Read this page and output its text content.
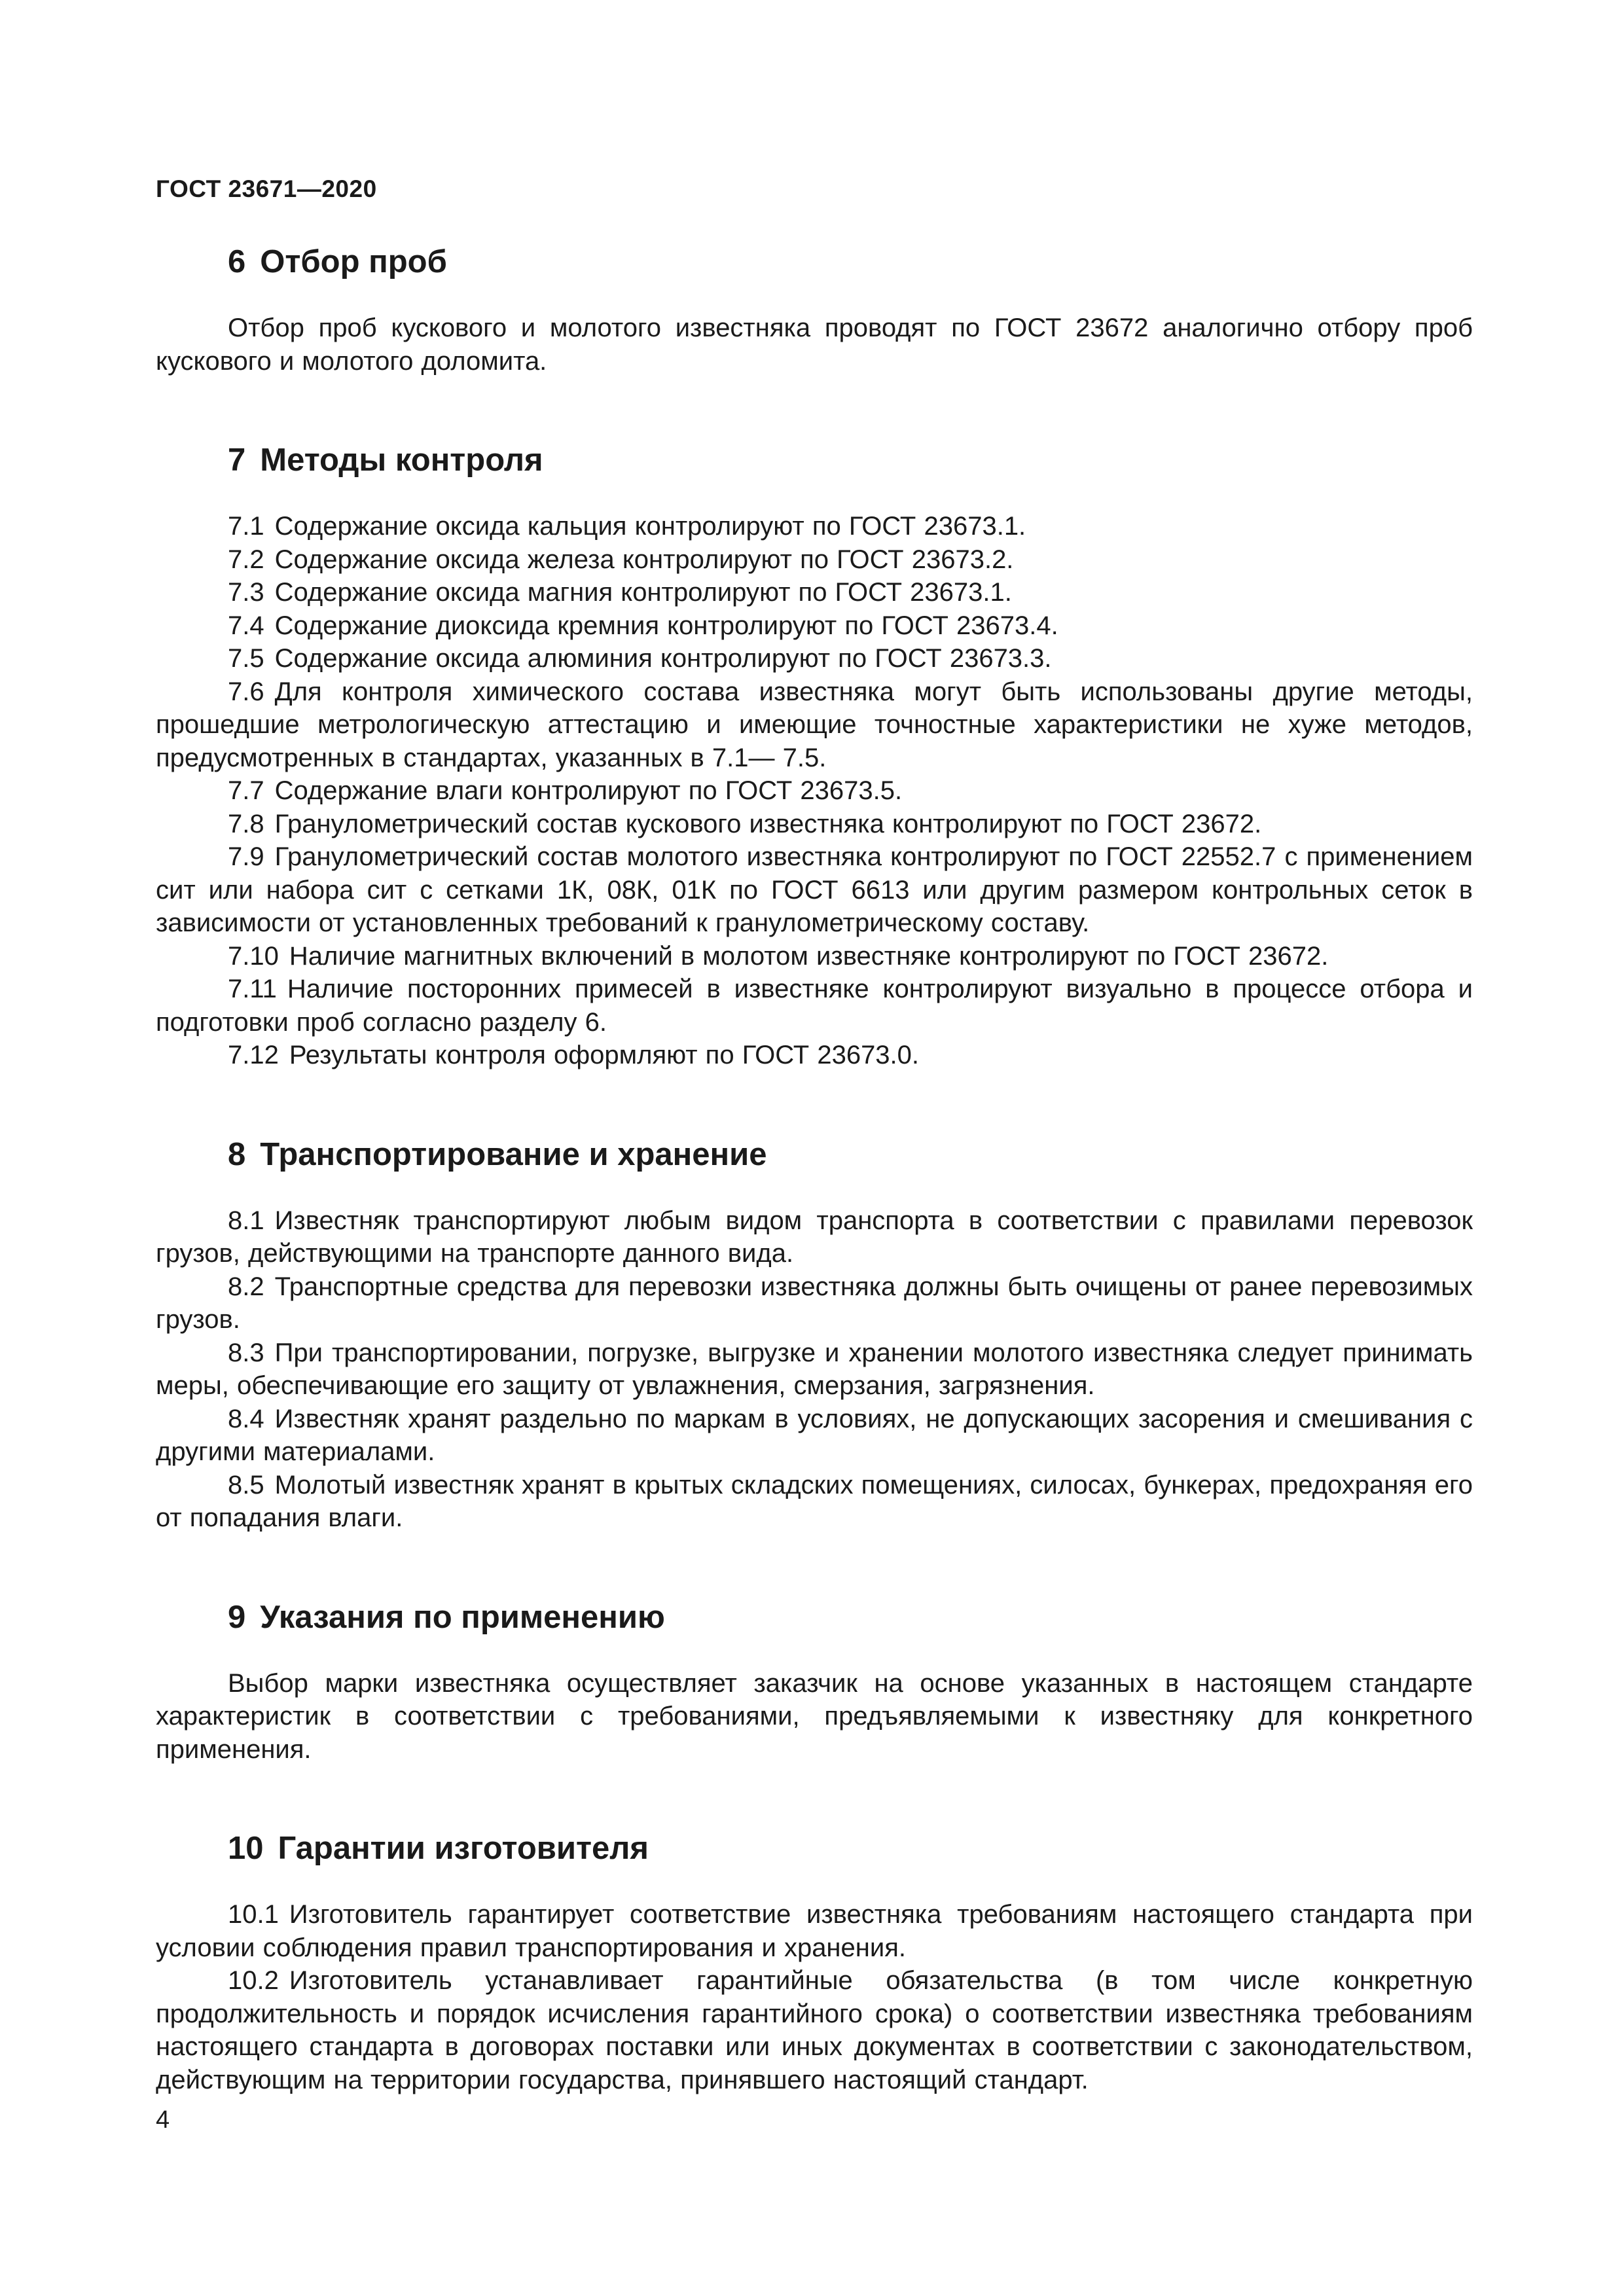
ГОСТ 23671—2020
6 Отбор проб

Отбор проб кускового и молотого известняка проводят по ГОСТ 23672 аналогично отбору проб кускового и молотого доломита.

7 Методы контроля

7.1 Содержание оксида кальция контролируют по ГОСТ 23673.1.

7.2 Содержание оксида железа контролируют по ГОСТ 23673.2.

7.3 Содержание оксида магния контролируют по ГОСТ 23673.1.

7.4 Содержание диоксида кремния контролируют по ГОСТ 23673.4.

7.5 Содержание оксида алюминия контролируют по ГОСТ 23673.3.

7.6 Для контроля химического состава известняка могут быть использованы другие методы, прошедшие метрологическую аттестацию и имеющие точностные характеристики не хуже методов, предусмотренных в стандартах, указанных в 7.1— 7.5.

7.7 Содержание влаги контролируют по ГОСТ 23673.5.

7.8 Гранулометрический состав кускового известняка контролируют по ГОСТ 23672.

7.9 Гранулометрический состав молотого известняка контролируют по ГОСТ 22552.7 с применением сит или набора сит с сетками 1К, 08К, 01К по ГОСТ 6613 или другим размером контрольных сеток в зависимости от установленных требований к гранулометрическому составу.

7.10 Наличие магнитных включений в молотом известняке контролируют по ГОСТ 23672.

7.11 Наличие посторонних примесей в известняке контролируют визуально в процессе отбора и подготовки проб согласно разделу 6.

7.12 Результаты контроля оформляют по ГОСТ 23673.0.

8 Транспортирование и хранение

8.1 Известняк транспортируют любым видом транспорта в соответствии с правилами перевозок грузов, действующими на транспорте данного вида.

8.2 Транспортные средства для перевозки известняка должны быть очищены от ранее перевозимых грузов.

8.3 При транспортировании, погрузке, выгрузке и хранении молотого известняка следует принимать меры, обеспечивающие его защиту от увлажнения, смерзания, загрязнения.

8.4 Известняк хранят раздельно по маркам в условиях, не допускающих засорения и смешивания с другими материалами.

8.5 Молотый известняк хранят в крытых складских помещениях, силосах, бункерах, предохраняя его от попадания влаги.

9 Указания по применению

Выбор марки известняка осуществляет заказчик на основе указанных в настоящем стандарте характеристик в соответствии с требованиями, предъявляемыми к известняку для конкретного применения.

10 Гарантии изготовителя

10.1 Изготовитель гарантирует соответствие известняка требованиям настоящего стандарта при условии соблюдения правил транспортирования и хранения.

10.2 Изготовитель устанавливает гарантийные обязательства (в том числе конкретную продолжительность и порядок исчисления гарантийного срока) о соответствии известняка требованиям настоящего стандарта в договорах поставки или иных документах в соответствии с законодательством, действующим на территории государства, принявшего настоящий стандарт.

4
